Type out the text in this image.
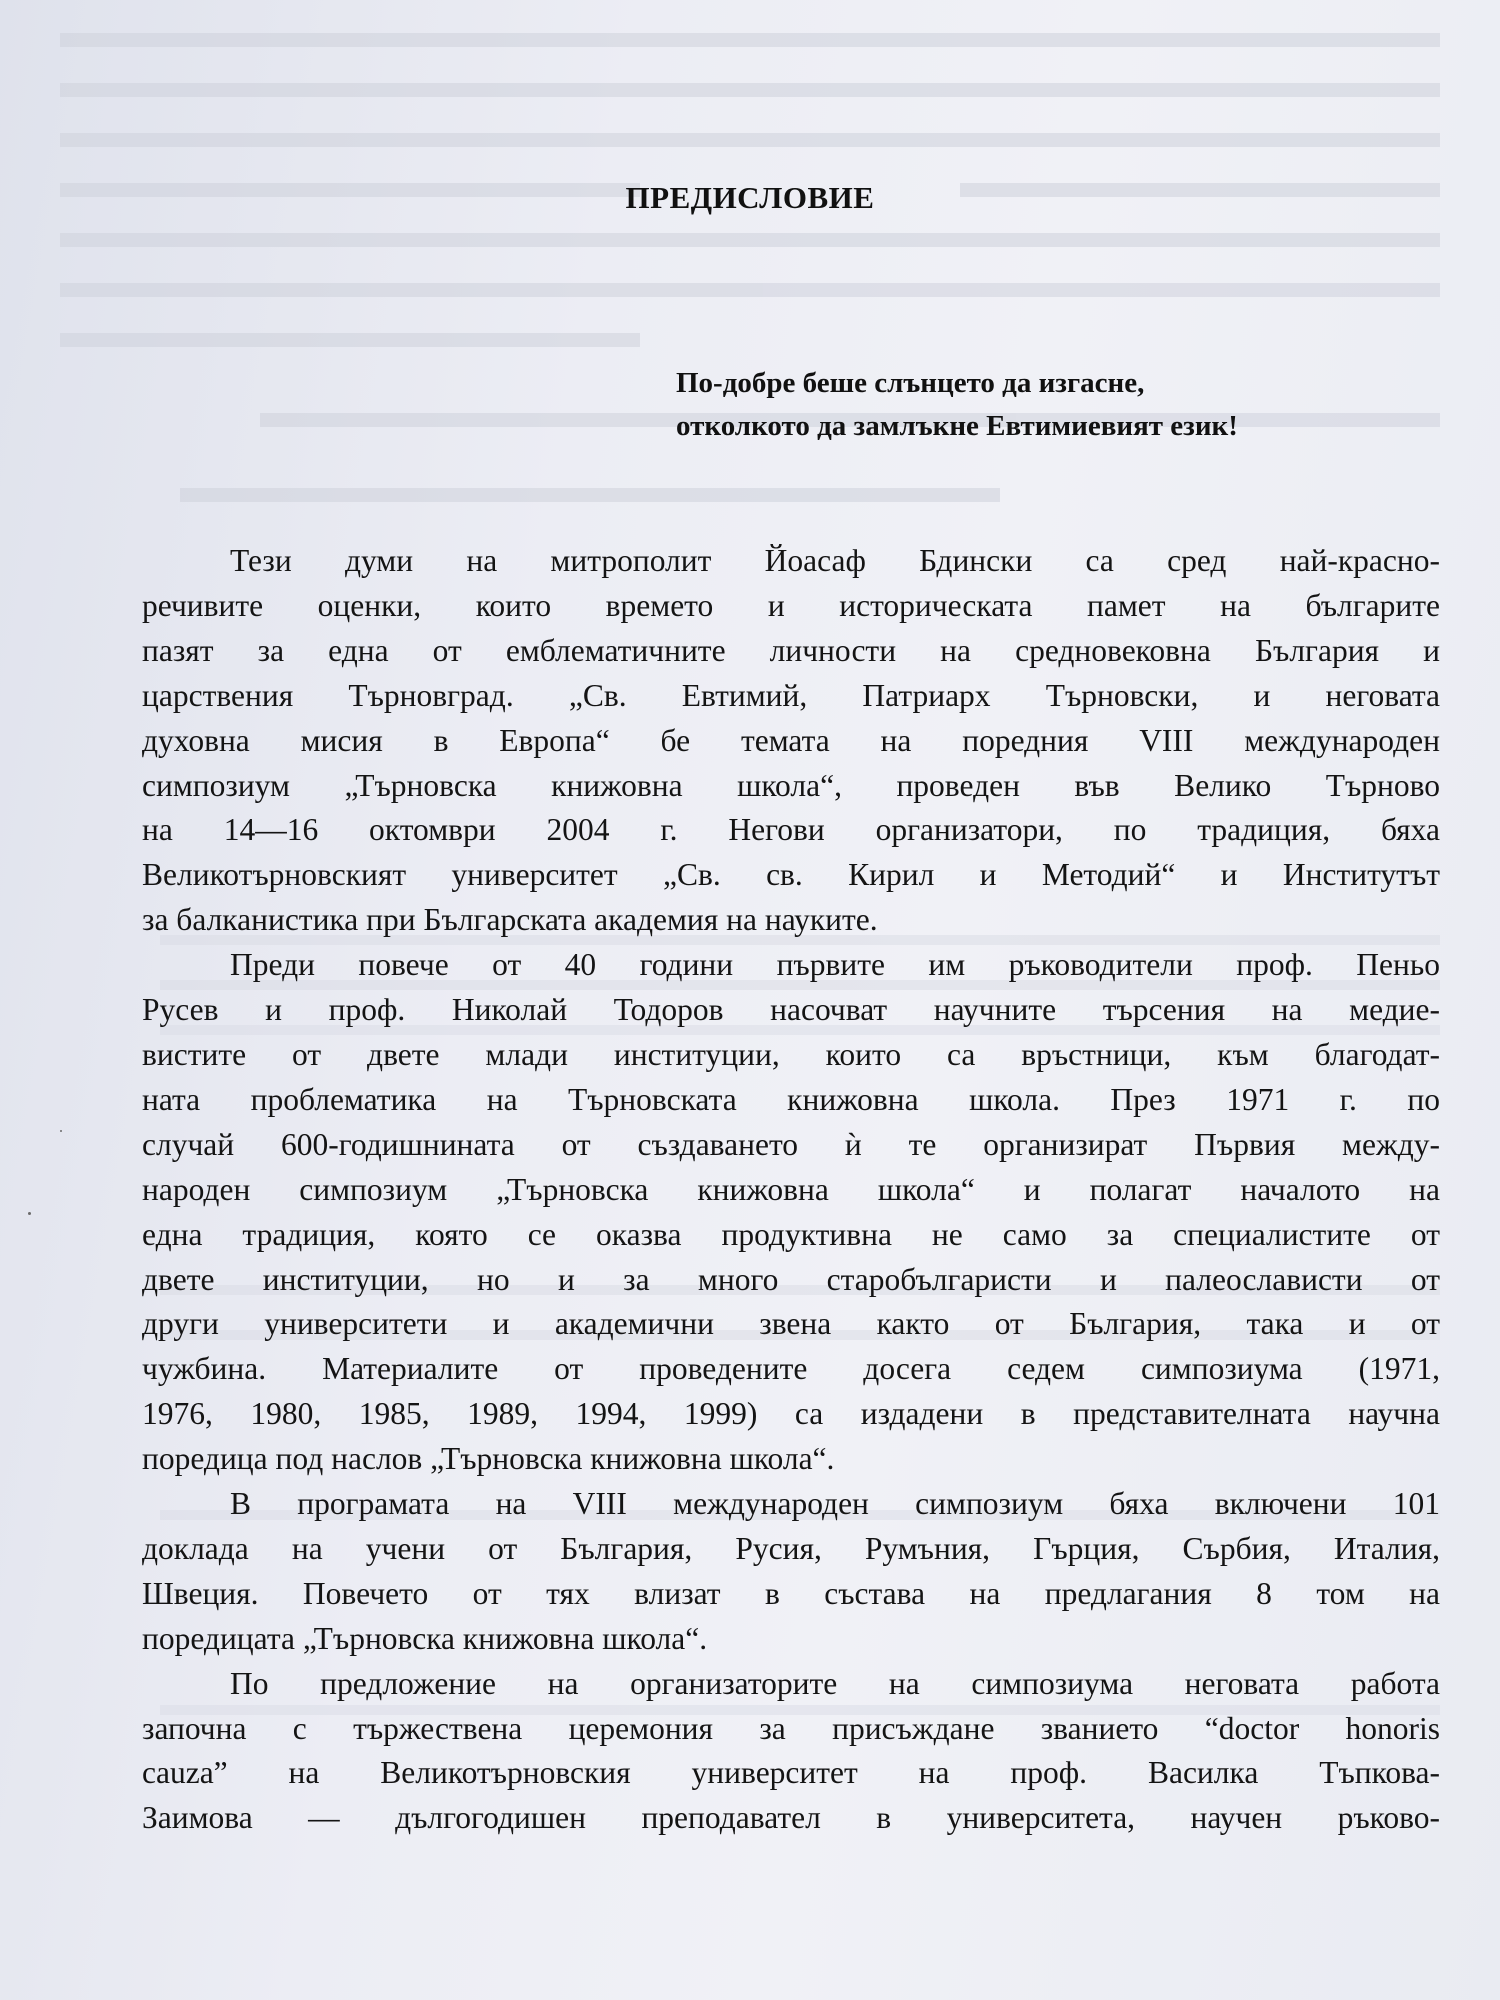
ПРЕДИСЛОВИЕ
По-добре беше слънцето да изгасне,
отколкото да замлъкне Евтимиевият език!
Тези думи на митрополит Йоасаф Бдински са сред най-красно-
речивите оценки, които времето и историческата памет на българите
пазят за една от емблематичните личности на средновековна България и
царствения Търновград. „Св. Евтимий, Патриарх Търновски, и неговата
духовна мисия в Европа“ бе темата на поредния VIII международен
симпозиум „Търновска книжовна школа“, проведен във Велико Търново
на 14—16 октомври 2004 г. Негови организатори, по традиция, бяха
Великотърновският университет „Св. св. Кирил и Методий“ и Институтът
за балканистика при Българската академия на науките.
Преди повече от 40 години първите им ръководители проф. Пеньо
Русев и проф. Николай Тодоров насочват научните търсения на медие-
вистите от двете млади институции, които са връстници, към благодат-
ната проблематика на Търновската книжовна школа. През 1971 г. по
случай 600-годишнината от създаването ѝ те организират Първия между-
народен симпозиум „Търновска книжовна школа“ и полагат началото на
една традиция, която се оказва продуктивна не само за специалистите от
двете институции, но и за много старобългаристи и палеослависти от
други университети и академични звена както от България, така и от
чужбина. Материалите от проведените досега седем симпозиума (1971,
1976, 1980, 1985, 1989, 1994, 1999) са издадени в представителната научна
поредица под наслов „Търновска книжовна школа“.
В програмата на VIII международен симпозиум бяха включени 101
доклада на учени от България, Русия, Румъния, Гърция, Сърбия, Италия,
Швеция. Повечето от тях влизат в състава на предлагания 8 том на
поредицата „Търновска книжовна школа“.
По предложение на организаторите на симпозиума неговата работа
започна с тържествена церемония за присъждане званието “doctor honoris
cauza” на Великотърновския университет на проф. Василка Тъпкова-
Заимова — дългогодишен преподавател в университета, научен ръково-
